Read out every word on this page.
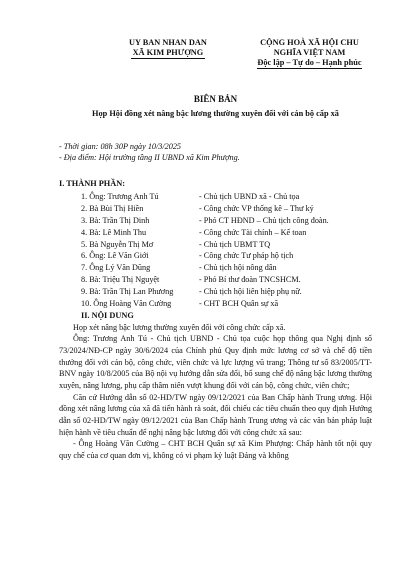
UY BAN NHAN DAN
XÃ KIM PHƯỢNG
CỘNG HOÀ XÃ HỘI CHU NGHĨA VIỆT NAM
Độc lập – Tự do – Hạnh phúc
BIÊN BẢN
Họp Hội đồng xét nâng bậc lương thường xuyên đối với cán bộ cấp xã
- Thời gian: 08h 30P ngày 10/3/2025
- Địa điểm: Hội trường tầng II UBND xã Kim Phượng.
I. THÀNH PHẦN:
1. Ông: Trương Anh Tú	- Chủ tịch UBND xã - Chủ tọa
2. Bà Bùi Thị Hiền	- Công chức VP thống kê – Thư ký
3. Bà: Trần Thị Dinh	- Phó CT HĐND – Chủ tịch công đoàn.
4. Bà: Lê Minh Thu	- Công chức Tài chính – Kế toan
5. Bà Nguyễn Thị Mơ	- Chủ tịch UBMT TQ
6. Ông: Lê Văn Giới	- Công chức Tư pháp hộ tịch
7. Ông Lý Văn Dũng	- Chủ tịch hội nông dân
8. Bà: Triệu Thị Nguyệt	- Phó Bí thư đoàn TNCSHCM.
9. Bà: Trần Thị Lan Phương	- Chủ tịch hội liên hiệp phụ nữ.
10. Ông Hoàng Văn Cường	- CHT BCH Quân sự xã
II. NỘI DUNG

Họp xét nâng bậc lương thường xuyên đối với công chức cấp xã.

Ông: Trương Anh Tú - Chủ tịch UBND - Chủ tọa cuộc họp thông qua Nghị định số 73/2024/NĐ-CP ngày 30/6/2024 của Chính phủ Quy định mức lương cơ sở và chế độ tiền thưởng đối với cán bộ, công chức, viên chức và lực lượng vũ trang; Thông tư số 83/2005/TT-BNV ngày 10/8/2005 của Bộ nội vụ hướng dẫn sửa đổi, bổ sung chế độ nâng bậc lương thường xuyên, nâng lương, phụ cấp thâm niên vượt khung đối với cán bộ, công chức, viên chức;

Căn cứ Hướng dẫn số 02-HD/TW ngày 09/12/2021 của Ban Chấp hành Trung ương. Hội đồng xét nâng lương của xã đã tiến hành rà soát, đối chiếu các tiêu chuẩn theo quy định Hướng dẫn số 02-HD/TW ngày 09/12/2021 của Ban Chấp hành Trung ương và các văn bản pháp luật hiện hành về tiêu chuẩn để nghị nâng bậc lương đối với công chức xã sau:

- Ông Hoàng Văn Cường – CHT BCH Quân sự xã Kim Phượng: Chấp hành tốt nội quy quy chế của cơ quan đơn vị, không có vi phạm kỷ luật Đảng và không
